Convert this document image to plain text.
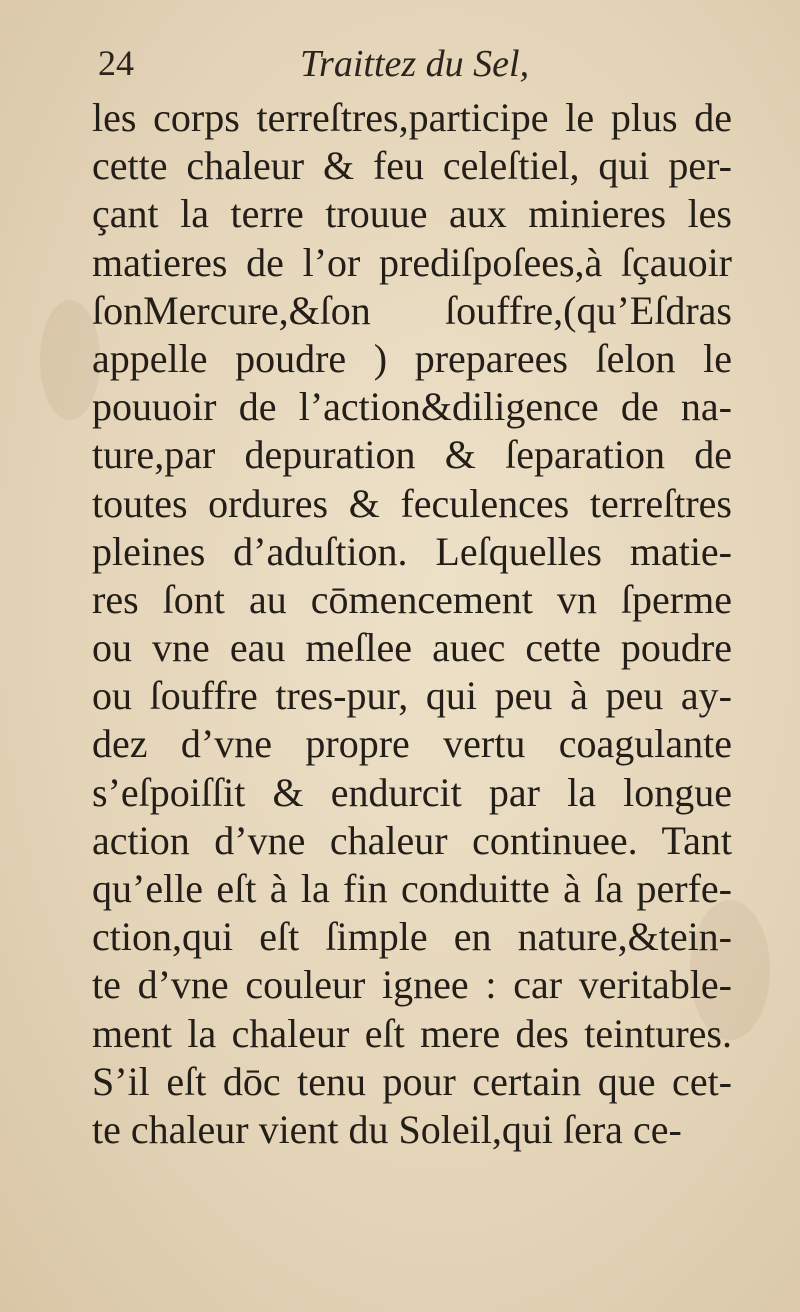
24	Traittez du Sel,
les corps terreſtres,participe le plus de
cette chaleur & feu celeſtiel, qui per-
çant la terre trouue aux minieres les
matieres de l’or prediſpoſees,à ſçauoir
ſonMercure,&ſon ſouffre,(qu’Eſdras
appelle poudre ) preparees ſelon le
pouuoir de l’action&diligence de na-
ture,par depuration & ſeparation de
toutes ordures & feculences terreſtres
pleines d’aduſtion. Leſquelles matie-
res ſont au cōmencement vn ſperme
ou vne eau meſlee auec cette poudre
ou ſouffre tres-pur, qui peu à peu ay-
dez d’vne propre vertu coagulante
s’eſpoiſſit & endurcit par la longue
action d’vne chaleur continuee. Tant
qu’elle eſt à la fin conduitte à ſa perfe-
ction,qui eſt ſimple en nature,&tein-
te d’vne couleur ignee : car veritable-
ment la chaleur eſt mere des teintures.
S’il eſt dōc tenu pour certain que cet-
te chaleur vient du Soleil,qui ſera ce-
